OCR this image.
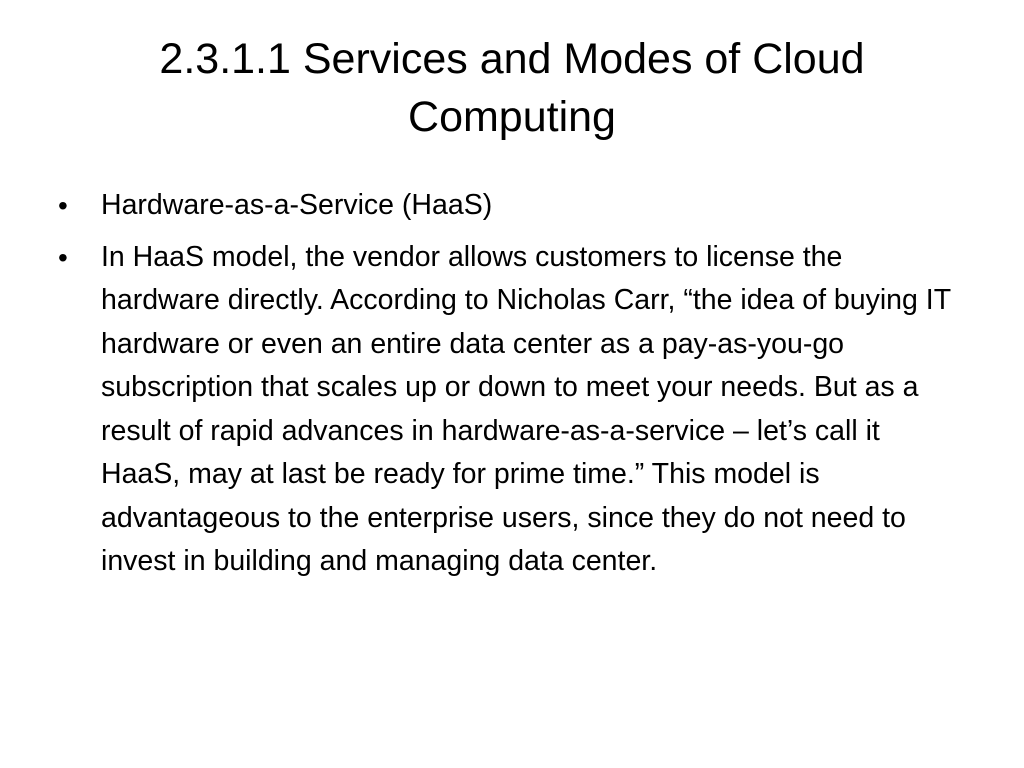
2.3.1.1 Services and Modes of Cloud Computing
• Hardware-as-a-Service (HaaS)
• In HaaS model, the vendor allows customers to license the hardware directly. According to Nicholas Carr, “the idea of buying IT hardware or even an entire data center as a pay-as-you-go subscription that scales up or down to meet your needs. But as a result of rapid advances in hardware-as-a-service – let’s call it HaaS, may at last be ready for prime time.” This model is advantageous to the enterprise users, since they do not need to invest in building and managing data center.
